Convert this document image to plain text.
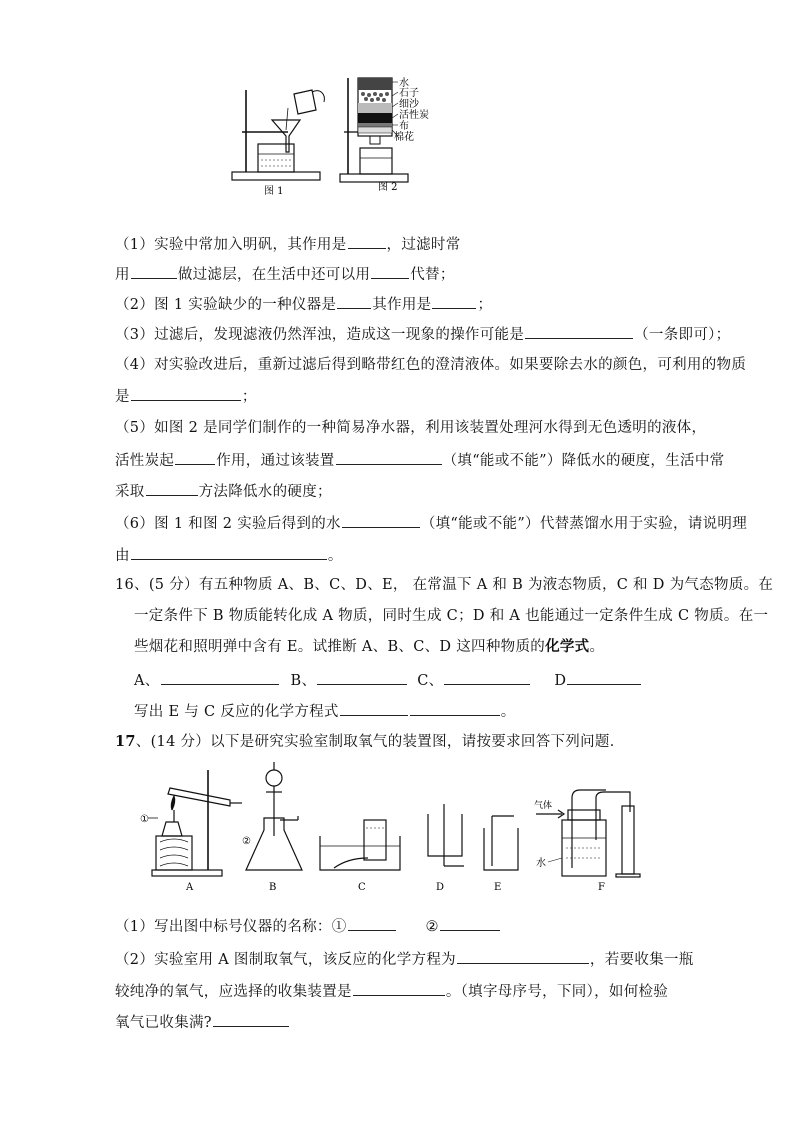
图 1
水
石子
细沙
活性炭
布
棉花
图 2
（1）实验中常加入明矾，其作用是	，过滤时常
用	做过滤层，在生活中还可以用	代替；
（2）图 1 实验缺少的一种仪器是 其作用是	；
（3）过滤后，发现滤液仍然浑浊，造成这一现象的操作可能是	（一条即可）；
（4）对实验改进后，重新过滤后得到略带红色的澄清液体。如果要除去水的颜色，可利用的物质
是	；
（5）如图 2 是同学们制作的一种简易净水器，利用该装置处理河水得到无色透明的液体，
活性炭起	作用，通过该装置	（填“能或不能”）降低水的硬度，生活中常
采取	方法降低水的硬度；
（6）图 1 和图 2 实验后得到的水	（填“能或不能”）代替蒸馏水用于实验，请说明理
由	。
16、(5 分）有五种物质 A、B、C、D、E， 在常温下 A 和 B 为液态物质，C 和 D 为气态物质。在
一定条件下 B 物质能转化成 A 物质，同时生成 C；D 和 A 也能通过一定条件生成 C 物质。在一
些烟花和照明弹中含有 E。试推断 A、B、C、D 这四种物质的化学式。
A、	B、	C、	D
写出 E 与 C 反应的化学方程式	。
17、(14 分）以下是研究实验室制取氧气的装置图，请按要求回答下列问题．
①
A
②
B	C	D	E
气体
水
F
（1）写出图中标号仪器的名称：①	②
（2）实验室用 A 图制取氧气，该反应的化学方程为	，若要收集一瓶
较纯净的氧气，应选择的收集装置是	。（填字母序号，下同），如何检验
氧气已收集满?
